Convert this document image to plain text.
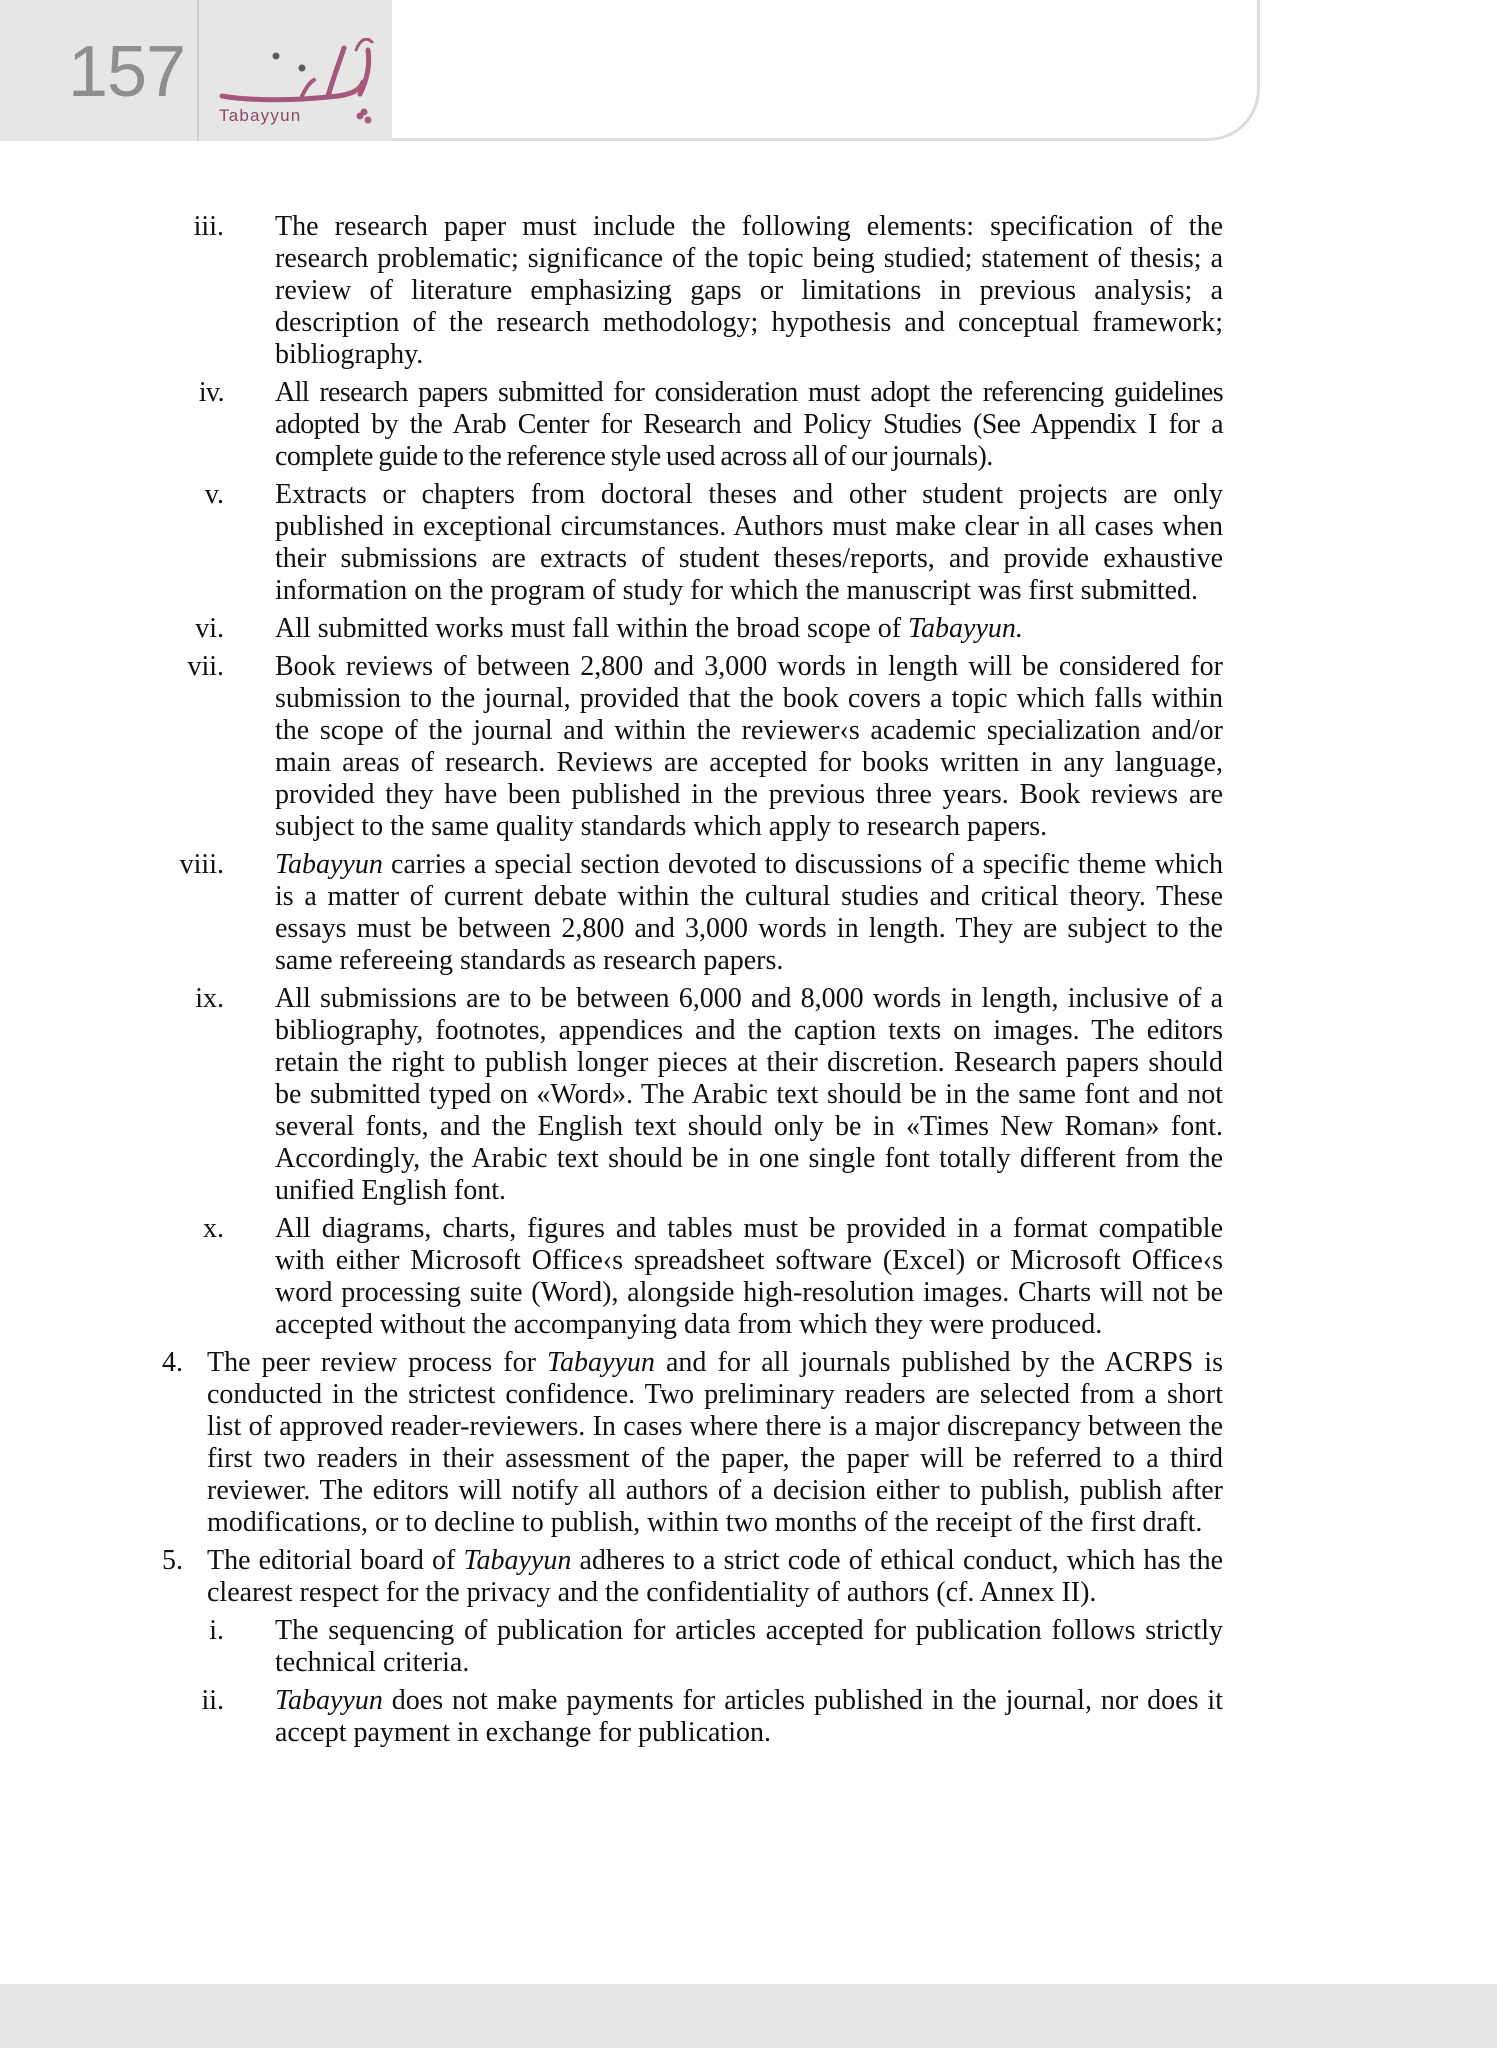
157
Tabayyun
iii. The research paper must include the following elements: specification of the research problematic; significance of the topic being studied; statement of thesis; a review of literature emphasizing gaps or limitations in previous analysis; a description of the research methodology; hypothesis and conceptual framework; bibliography.
iv. All research papers submitted for consideration must adopt the referencing guidelines adopted by the Arab Center for Research and Policy Studies (See Appendix I for a complete guide to the reference style used across all of our journals).
v. Extracts or chapters from doctoral theses and other student projects are only published in exceptional circumstances. Authors must make clear in all cases when their submissions are extracts of student theses/reports, and provide exhaustive information on the program of study for which the manuscript was first submitted.
vi. All submitted works must fall within the broad scope of Tabayyun.
vii. Book reviews of between 2,800 and 3,000 words in length will be considered for submission to the journal, provided that the book covers a topic which falls within the scope of the journal and within the reviewer‹s academic specialization and/or main areas of research. Reviews are accepted for books written in any language, provided they have been published in the previous three years. Book reviews are subject to the same quality standards which apply to research papers.
viii. Tabayyun carries a special section devoted to discussions of a specific theme which is a matter of current debate within the cultural studies and critical theory. These essays must be between 2,800 and 3,000 words in length. They are subject to the same refereeing standards as research papers.
ix. All submissions are to be between 6,000 and 8,000 words in length, inclusive of a bibliography, footnotes, appendices and the caption texts on images. The editors retain the right to publish longer pieces at their discretion. Research papers should be submitted typed on «Word». The Arabic text should be in the same font and not several fonts, and the English text should only be in «Times New Roman» font. Accordingly, the Arabic text should be in one single font totally different from the unified English font.
x. All diagrams, charts, figures and tables must be provided in a format compatible with either Microsoft Office‹s spreadsheet software (Excel) or Microsoft Office‹s word processing suite (Word), alongside high-resolution images. Charts will not be accepted without the accompanying data from which they were produced.
4. The peer review process for Tabayyun and for all journals published by the ACRPS is conducted in the strictest confidence. Two preliminary readers are selected from a short list of approved reader-reviewers. In cases where there is a major discrepancy between the first two readers in their assessment of the paper, the paper will be referred to a third reviewer. The editors will notify all authors of a decision either to publish, publish after modifications, or to decline to publish, within two months of the receipt of the first draft.
5. The editorial board of Tabayyun adheres to a strict code of ethical conduct, which has the clearest respect for the privacy and the confidentiality of authors (cf. Annex II).
i. The sequencing of publication for articles accepted for publication follows strictly technical criteria.
ii. Tabayyun does not make payments for articles published in the journal, nor does it accept payment in exchange for publication.
